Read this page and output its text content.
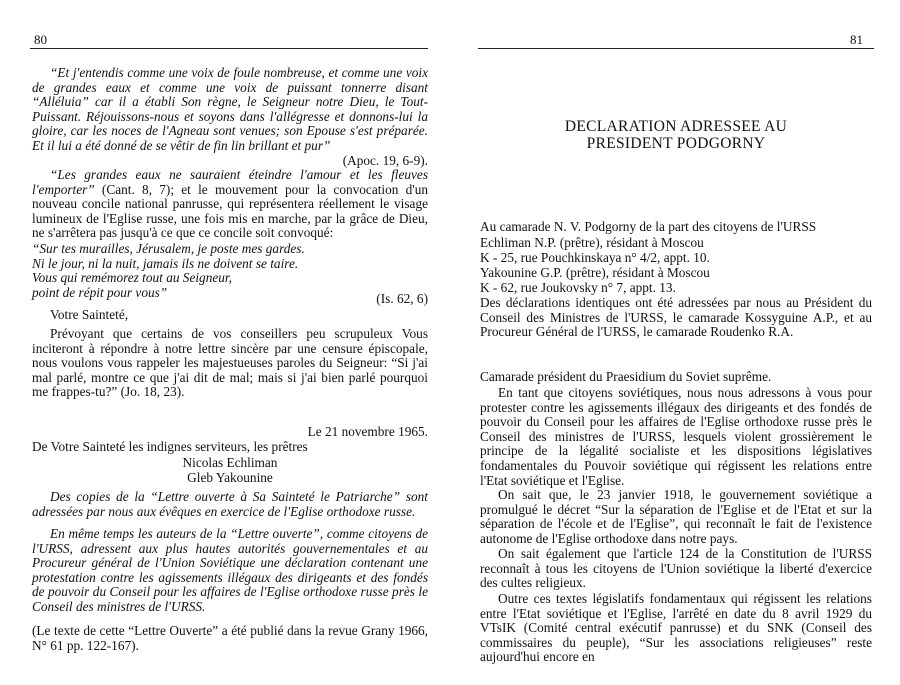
80
“Et j'entendis comme une voix de foule nombreuse, et comme une voix de grandes eaux et comme une voix de puissant tonnerre disant “Alléluia” car il a établi Son règne, le Seigneur notre Dieu, le Tout-Puissant. Réjouissons-nous et soyons dans l'allégresse et donnons-lui la gloire, car les noces de l'Agneau sont venues; son Epouse s'est préparée. Et il lui a été donné de se vêtir de fin lin brillant et pur”
(Apoc. 19, 6-9).
“Les grandes eaux ne sauraient éteindre l'amour et les fleuves l'emporter” (Cant. 8, 7); et le mouvement pour la convocation d'un nouveau concile national panrusse, qui représentera réellement le visage lumineux de l'Eglise russe, une fois mis en marche, par la grâce de Dieu, ne s'arrêtera pas jusqu'à ce que ce concile soit convoqué:
“Sur tes murailles, Jérusalem, je poste mes gardes.
Ni le jour, ni la nuit, jamais ils ne doivent se taire.
Vous qui remémorez tout au Seigneur,
point de répit pour vous”	(Is. 62, 6)
Votre Sainteté,
Prévoyant que certains de vos conseillers peu scrupuleux Vous inciteront à répondre à notre lettre sincère par une censure épiscopale, nous voulons vous rappeler les majestueuses paroles du Seigneur: “Si j'ai mal parlé, montre ce que j'ai dit de mal; mais si j'ai bien parlé pourquoi me frappes-tu?” (Jo. 18, 23).
Le 21 novembre 1965.
De Votre Sainteté les indignes serviteurs, les prêtres
Nicolas Echliman
Gleb Yakounine
Des copies de la “Lettre ouverte à Sa Sainteté le Patriarche” sont adressées par nous aux évêques en exercice de l'Eglise orthodoxe russe.
En même temps les auteurs de la “Lettre ouverte”, comme citoyens de l'URSS, adressent aux plus hautes autorités gouvernementales et au Procureur général de l'Union Soviétique une déclaration contenant une protestation contre les agissements illégaux des dirigeants et des fondés de pouvoir du Conseil pour les affaires de l'Eglise orthodoxe russe près le Conseil des ministres de l'URSS.
(Le texte de cette “Lettre Ouverte” a été publié dans la revue Grany 1966, N° 61 pp. 122-167).
81
DECLARATION ADRESSEE AU
PRESIDENT PODGORNY
Au camarade N. V. Podgorny de la part des citoyens de l'URSS
Echliman N.P. (prêtre), résidant à Moscou
K - 25, rue Pouchkinskaya n° 4/2, appt. 10.
Yakounine G.P. (prêtre), résidant à Moscou
K - 62, rue Joukovsky n° 7, appt. 13.
Des déclarations identiques ont été adressées par nous au Président du Conseil des Ministres de l'URSS, le camarade Kossyguine A.P., et au Procureur Général de l'URSS, le camarade Roudenko R.A.
Camarade président du Praesidium du Soviet suprême.
En tant que citoyens soviétiques, nous nous adressons à vous pour protester contre les agissements illégaux des dirigeants et des fondés de pouvoir du Conseil pour les affaires de l'Eglise orthodoxe russe près le Conseil des ministres de l'URSS, lesquels violent grossièrement le principe de la légalité socialiste et les dispositions législatives fondamentales du Pouvoir soviétique qui régissent les relations entre l'Etat soviétique et l'Eglise.
On sait que, le 23 janvier 1918, le gouvernement soviétique a promulgué le décret “Sur la séparation de l'Eglise et de l'Etat et sur la séparation de l'école et de l'Eglise”, qui reconnaît le fait de l'existence autonome de l'Eglise orthodoxe dans notre pays.
On sait également que l'article 124 de la Constitution de l'URSS reconnaît à tous les citoyens de l'Union soviétique la liberté d'exercice des cultes religieux.
Outre ces textes législatifs fondamentaux qui régissent les relations entre l'Etat soviétique et l'Eglise, l'arrêté en date du 8 avril 1929 du VTsIK (Comité central exécutif panrusse) et du SNK (Conseil des commissaires du peuple), “Sur les associations religieuses” reste aujourd'hui encore en
